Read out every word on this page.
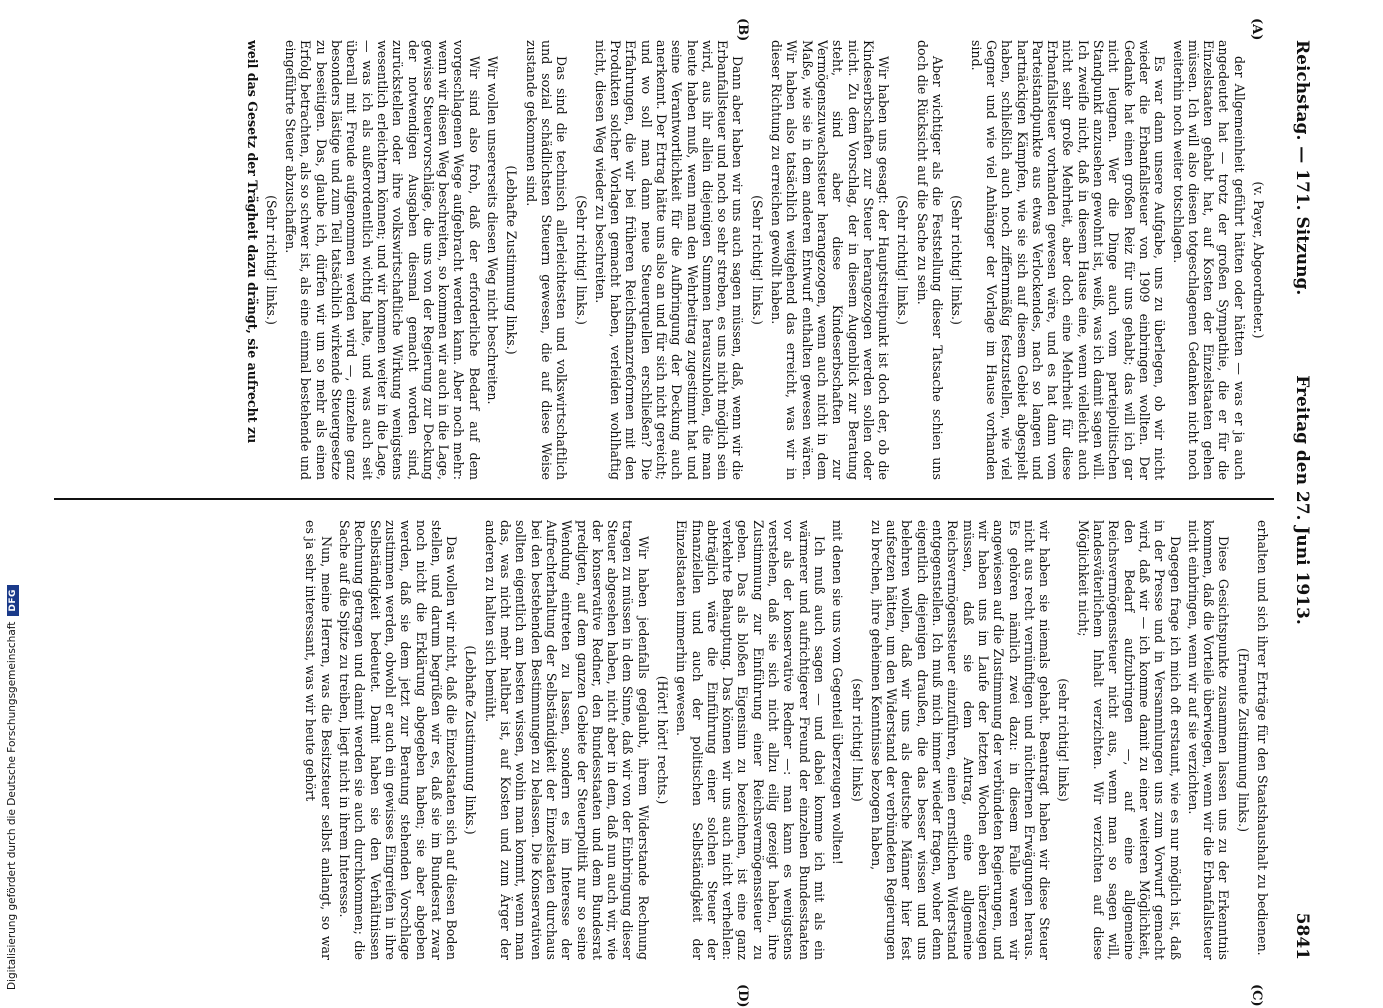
Reichstag. — 171. Sitzung.
Freitag den 27. Juni 1913.
5841
(A)
(B)
(C)
(D)

(v. Payer, Abgeordneter.)

der Allgemeinheit geführt hätten oder hätten — was er ja auch angedeutet hat — trotz der großen Sympathie, die er für die Einzelstaaten gehabt hat, auf Kosten der Einzelstaaten gehen müssen. Ich will also diesen totgeschlagenen Gedanken nicht noch weiterhin noch weiter totschlagen.

Es war dann unsere Aufgabe, uns zu überlegen, ob wir nicht wieder die Erbanfallsteuer von 1909 einbringen wollten. Der Gedanke hat einen großen Reiz für uns gehabt; das will ich gar nicht leugnen. Wer die Dinge auch vom parteipolitischen Standpunkt anzusehen gewohnt ist, weiß, was ich damit sagen will. Ich zweifle nicht, daß in diesem Hause eine, wenn vielleicht auch nicht sehr große Mehrheit, aber doch eine Mehrheit für diese Erbanfallsteuer vorhanden gewesen wäre, und es hat dann vom Parteistandpunkte aus etwas Verlockendes, nach so langen und hartnäckigen Kämpfen, wie sie sich auf diesem Gebiet abgespielt haben, schließlich auch noch ziffernmäßig festzustellen, wie viel Gegner und wie viel Anhänger der Vorlage im Hause vorhanden sind.

(Sehr richtig! links.)

Aber wichtiger als die Feststellung dieser Tatsache schien uns doch die Rücksicht auf die Sache zu sein.

(Sehr richtig! links.)

Wir haben uns gesagt: der Hauptstreitpunkt ist doch der, ob die Kindeserbschaften zur Steuer herangezogen werden sollen oder nicht. Zu dem Vorschlag, der in diesem Augenblick zur Beratung steht, sind aber diese Kindeserbschaften zur Vermögenszuwachssteuer herangezogen, wenn auch nicht in dem Maße, wie sie in dem anderen Entwurf enthalten gewesen wären. Wir haben also tatsächlich weitgehend das erreicht, was wir in dieser Richtung zu erreichen gewollt haben.

(Sehr richtig! links.)

Dann aber haben wir uns auch sagen müssen, daß, wenn wir die Erbanfallsteuer und noch so sehr streben, es uns nicht möglich sein wird, aus ihr allein diejenigen Summen herauszuholen, die man heute haben muß, wenn man den Wehrbeitrag zugestimmt hat und seine Verantwortlichkeit für die Aufbringung der Deckung auch anerkennt. Der Ertrag hätte uns also an und für sich nicht gereicht; und wo soll man dann neue Steuerquellen erschließen? Die Erfahrungen, die wir bei früheren Reichsfinanzreformen mit den Produkten solcher Vorlagen gemacht haben, verleiden wohlhaftig nicht, diesen Weg wieder zu beschreiten.

(Sehr richtig! links.)

Das sind die technisch allerleichtesten und volkswirtschaftlich und sozial schädlichsten Steuern gewesen, die auf diese Weise zustande gekommen sind.

(Lebhafte Zustimmung links.)

Wir wollen unsererseits diesen Weg nicht beschreiten.

Wir sind also froh, daß der erforderliche Bedarf auf dem vorgeschlagenen Wege aufgebracht werden kann. Aber noch mehr: wenn wir diesen Weg beschreiten, so kommen wir auch in die Lage, gewisse Steuervorschläge, die uns von der Regierung zur Deckung der notwendigen Ausgaben diesmal gemacht worden sind, zurückstellen oder ihre volkswirtschaftliche Wirkung wenigstens wesentlich erleichtern können; und wir kommen weiter in die Lage, — was ich als außerordentlich wichtig halte, und was auch seit überall mit Freude aufgenommen werden wird —, einzelne ganz besonders lästige und zum Teil tatsächlich wirkende Steuergesetze zu beseitigen. Das, glaube ich, dürfen wir um so mehr als einen Erfolg betrachten, als so schwer ist, als eine einmal bestehende und eingeführte Steuer abzuschaffen.

(Sehr richtig! links.)

weil das Gesetz der Trägheit dazu drängt, sie aufrecht zu

erhalten und sich ihrer Erträge für den Staatshaushalt zu bedienen.

(Erneute Zustimmung links.)

Diese Gesichtspunkte zusammen lassen uns zu der Erkenntnis kommen, daß die Vorteile überwiegen, wenn wir die Erbanfallsteuer nicht einbringen, wenn wir auf sie verzichten.

Dagegen frage ich mich oft erstaunt, wie es nur möglich ist, daß in der Presse und in Versammlungen uns zum Vorwurf gemacht wird, daß wir — ich komme damit zu einer weiteren Möglichkeit, den Bedarf aufzubringen —, auf eine allgemeine Reichsvermögenssteuer nicht aus, wenn man so sagen will, landesväterlichem Inhalt verzichten. Wir verzichten auf diese Möglichkeit nicht;

(sehr richtig! links)

wir haben sie niemals gehabt. Beantragt haben wir diese Steuer nicht aus recht vernünftigen und nüchternen Erwägungen heraus. Es gehören nämlich zwei dazu: in diesem Falle waren wir angewiesen auf die Zustimmung der verbündeten Regierungen, und wir haben uns im Laufe der letzten Wochen eben überzeugen müssen, daß sie dem Antrag, eine allgemeine Reichsvermögenssteuer einzuführen, einen ernstlichen Widerstand entgegenstellen. Ich muß mich immer wieder fragen, woher denn eigentlich diejenigen draußen, die das besser wissen und uns belehren wollen, daß wir uns als deutsche Männer hier fest aufsetzen hätten, um den Widerstand der verbündeten Regierungen zu brechen, ihre geheimen Kenntnisse bezogen haben,

(sehr richtig! links)

mit denen sie uns vom Gegenteil überzeugen wollten!

Ich muß auch sagen — und dabei komme ich mit als ein wärmerer und aufrichtigerer Freund der einzelnen Bundesstaaten vor als der konservative Redner —: man kann es wenigstens verstehen, daß sie sich nicht allzu eilig gezeigt haben, ihre Zustimmung zur Einführung einer Reichsvermögenssteuer zu geben. Das als bloßen Eigensinn zu bezeichnen, ist eine ganz verkehrte Behauptung. Das können wir uns auch nicht verhehlen: abträglich wäre die Einführung einer solchen Steuer der finanziellen und auch der politischen Selbständigkeit der Einzelstaaten immerhin gewesen.

(Hört! hört! rechts.)

Wir haben jedenfalls geglaubt, ihrem Widerstande Rechnung tragen zu müssen in dem Sinne, daß wir von der Einbringung dieser Steuer abgesehen haben, nicht aber in dem, daß nun auch wir, wie der konservative Redner, den Bundesstaaten und dem Bundesrat predigten, auf dem ganzen Gebiete der Steuerpolitik nur so seine Wendung eintreten zu lassen, sondern es im Interesse der Aufrechterhaltung der Selbständigkeit der Einzelstaaten durchaus bei den bestehenden Bestimmungen zu belassen. Die Konservativen sollten eigentlich am besten wissen, wohin man kommt, wenn man das, was nicht mehr haltbar ist, auf Kosten und zum Ärger der anderen zu halten sich bemüht.

(Lebhafte Zustimmung links.)

Das wollen wir nicht, daß die Einzelstaaten sich auf diesen Boden stellen, und darum begrüßen wir es, daß sie im Bundesrat zwar noch nicht die Erklärung abgegeben haben; sie aber abgeben werden, daß sie dem jetzt zur Beratung stehenden Vorschlage zustimmen werden, obwohl er auch ein gewisses Eingreifen in ihre Selbständigkeit bedeutet. Damit haben sie den Verhältnissen Rechnung getragen und damit werden sie auch durchkommen; die Sache auf die Spitze zu treiben, liegt nicht in ihrem Interesse.

Nun, meine Herren, was die Besitzsteuer selbst anlangt, so war es ja sehr interessant, was wir heute gehört

Digitalisierung gefördert durch die Deutsche ForschungsgemeinschaftDFG
